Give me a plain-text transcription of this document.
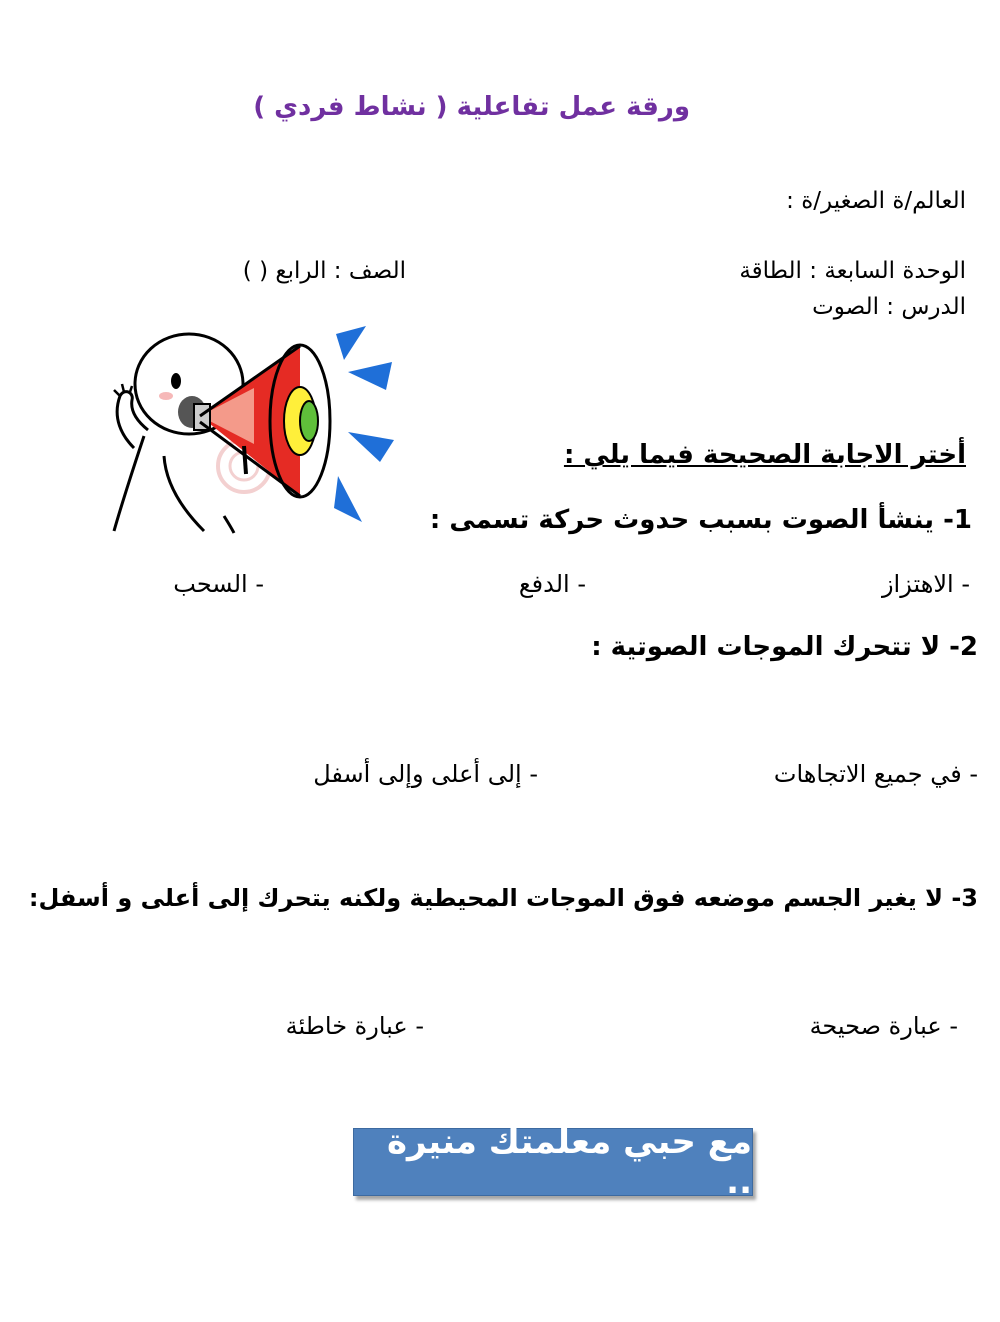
ورقة عمل تفاعلية ( نشاط فردي )
العالم/ة الصغير/ة :
الوحدة السابعة : الطاقة
الصف : الرابع ( )
الدرس : الصوت
أختر الاجابة الصحيحة فيما يلي :
1- ينشأ الصوت بسبب حدوث حركة تسمى :
- الاهتزاز
- الدفع
- السحب
2- لا تتحرك الموجات الصوتية :
- في جميع الاتجاهات
- إلى أعلى وإلى أسفل
3- لا يغير الجسم موضعه فوق الموجات المحيطية ولكنه يتحرك إلى أعلى و أسفل:
- عبارة صحيحة
- عبارة خاطئة
مع حبي معلمتك منيرة ..
